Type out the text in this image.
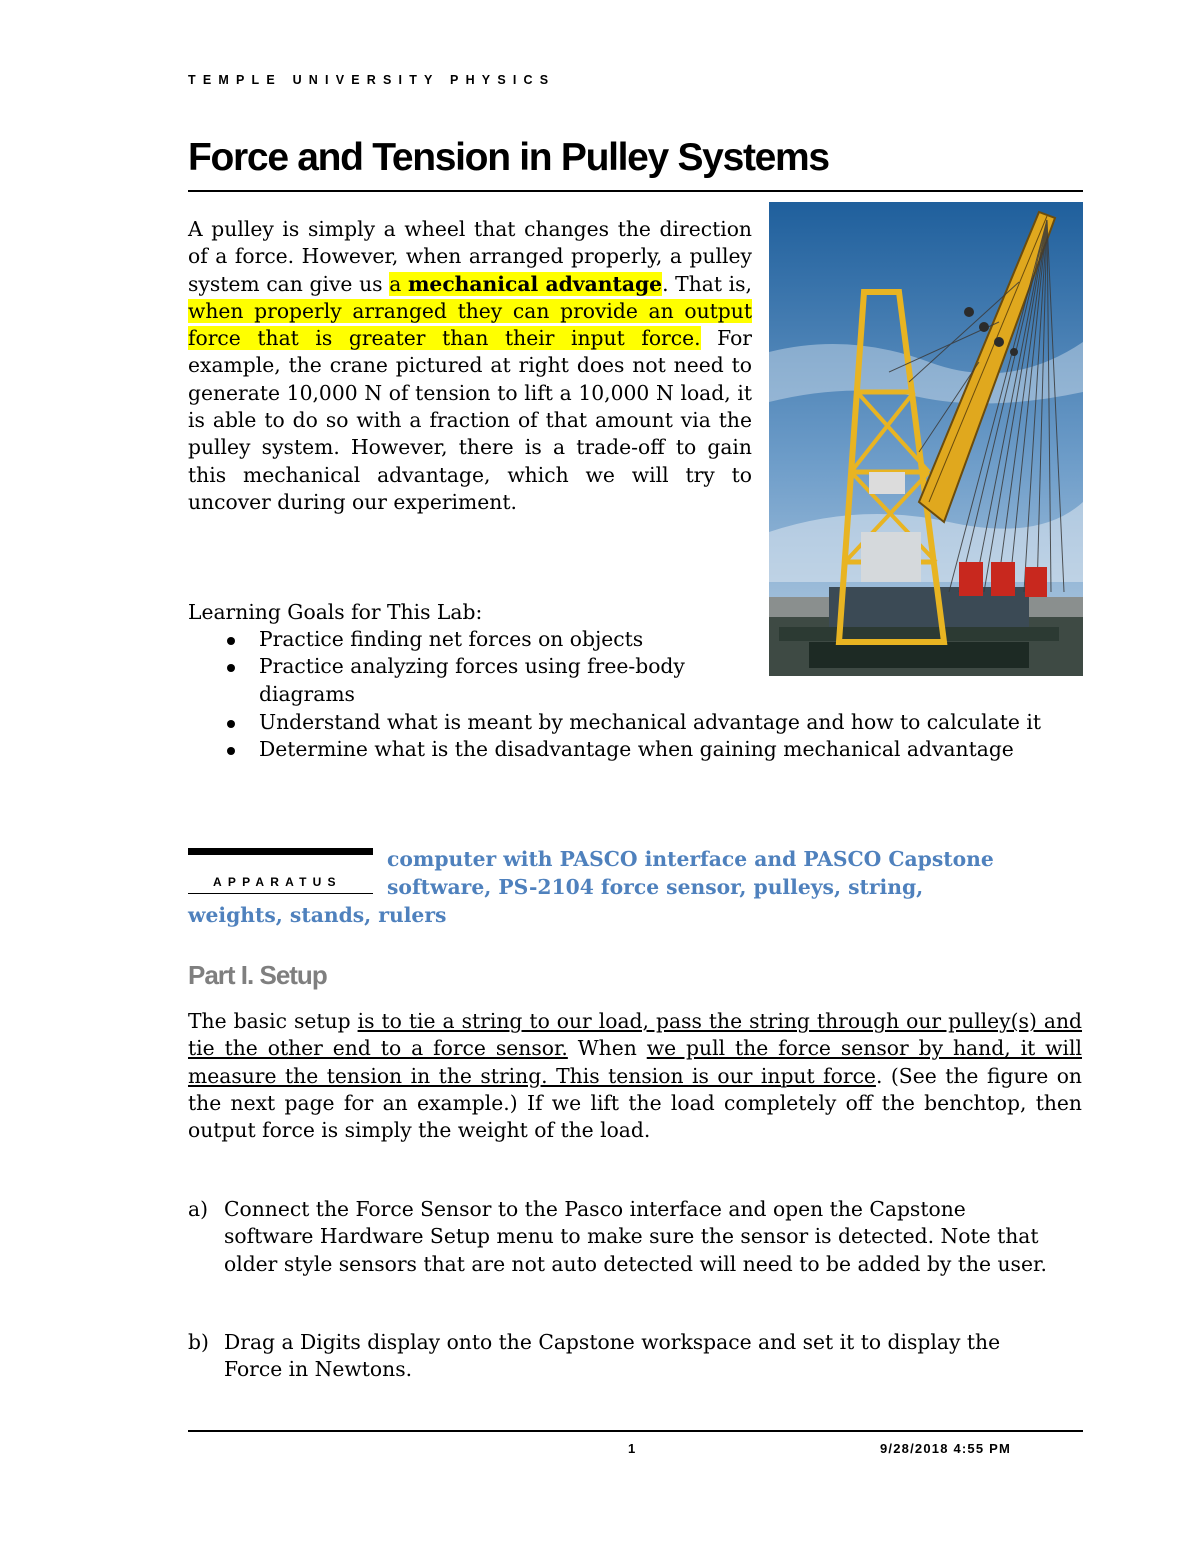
TEMPLE UNIVERSITY PHYSICS
Force and Tension in Pulley Systems

A pulley is simply a wheel that changes the direction of a force. However, when arranged properly, a pulley system can give us a mechanical advantage. That is, when properly arranged they can provide an output force that is greater than their input force. For example, the crane pictured at right does not need to generate 10,000 N of tension to lift a 10,000 N load, it is able to do so with a fraction of that amount via the pulley system. However, there is a trade-off to gain this mechanical advantage, which we will try to uncover during our experiment.

Learning Goals for This Lab:

Practice finding net forces on objects
Practice analyzing forces using free-body diagrams
Understand what is meant by mechanical advantage and how to calculate it
Determine what is the disadvantage when gaining mechanical advantage
APPARATUS

computer with PASCO interface and PASCO Capstone

software, PS-2104 force sensor, pulleys, string,

weights, stands, rulers

Part I. Setup

The basic setup is to tie a string to our load, pass the string through our pulley(s) and tie the other end to a force sensor. When we pull the force sensor by hand, it will measure the tension in the string. This tension is our input force. (See the figure on the next page for an example.) If we lift the load completely off the benchtop, then output force is simply the weight of the load.

a) Connect the Force Sensor to the Pasco interface and open the Capstone software Hardware Setup menu to make sure the sensor is detected. Note that older style sensors that are not auto detected will need to be added by the user.

b) Drag a Digits display onto the Capstone workspace and set it to display the Force in Newtons.

1	9/28/2018 4:55 PM
